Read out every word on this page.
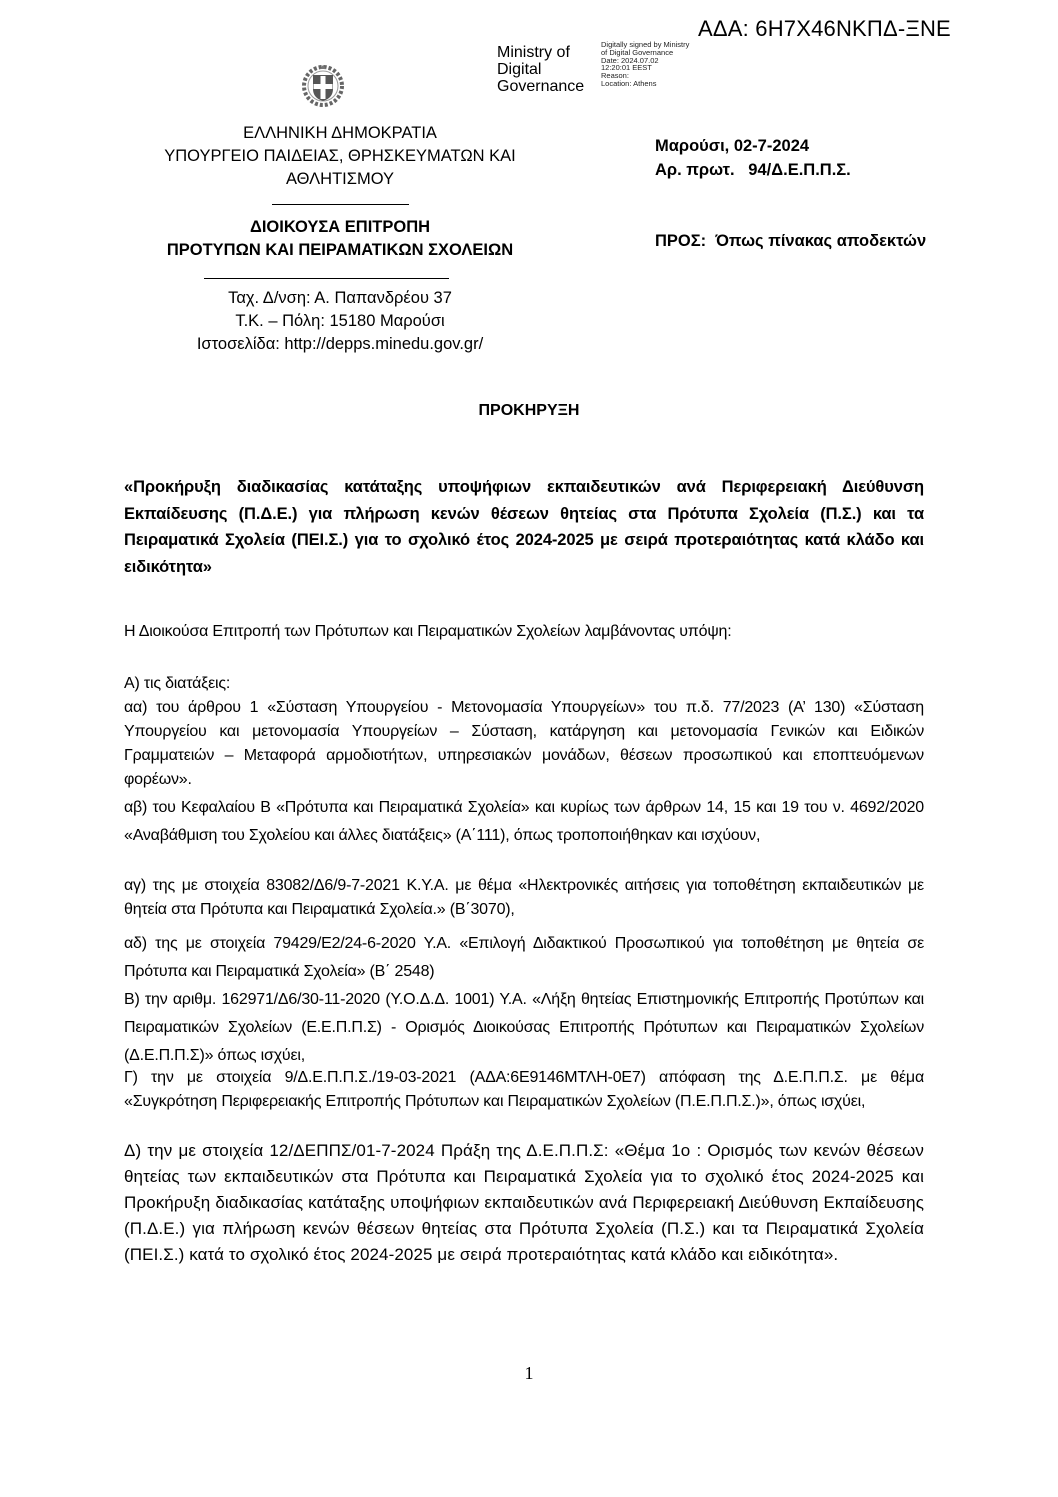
ΑΔΑ: 6Η7Χ46ΝΚΠΔ-ΞΝΕ
Ministry of
Digital
Governance
Digitally signed by Ministry
of Digital Governance
Date: 2024.07.02
12:20:01 EEST
Reason:
Location: Athens
ΕΛΛΗΝΙΚΗ ΔΗΜΟΚΡΑΤΙΑ
ΥΠΟΥΡΓΕΙΟ ΠΑΙΔΕΙΑΣ, ΘΡΗΣΚΕΥΜΑΤΩΝ ΚΑΙ
ΑΘΛΗΤΙΣΜΟΥ
ΔΙΟΙΚΟΥΣΑ ΕΠΙΤΡΟΠΗ
ΠΡΟΤΥΠΩΝ ΚΑΙ ΠΕΙΡΑΜΑΤΙΚΩΝ ΣΧΟΛΕΙΩΝ
Ταχ. Δ/νση: Α. Παπανδρέου 37
Τ.Κ. – Πόλη: 15180 Μαρούσι
Ιστοσελίδα: http://depps.minedu.gov.gr/
Μαρούσι, 02-7-2024
Αρ. πρωτ.   94/Δ.Ε.Π.Π.Σ.
ΠΡΟΣ:  Όπως πίνακας αποδεκτών
ΠΡΟΚΗΡΥΞΗ
«Προκήρυξη διαδικασίας κατάταξης υποψήφιων εκπαιδευτικών ανά Περιφερειακή Διεύθυνση Εκπαίδευσης (Π.Δ.Ε.) για πλήρωση κενών θέσεων θητείας στα Πρότυπα Σχολεία (Π.Σ.) και τα Πειραματικά Σχολεία (ΠΕΙ.Σ.) για το σχολικό έτος 2024-2025 με σειρά προτεραιότητας κατά κλάδο και ειδικότητα»
Η Διοικούσα Επιτροπή των Πρότυπων και Πειραματικών Σχολείων λαμβάνοντας υπόψη:

Α) τις διατάξεις:

αα) του άρθρου 1 «Σύσταση Υπουργείου - Μετονομασία Υπουργείων» του π.δ. 77/2023 (Α’ 130) «Σύσταση Υπουργείου και μετονομασία Υπουργείων – Σύσταση, κατάργηση και μετονομασία Γενικών και Ειδικών Γραμματειών – Μεταφορά αρμοδιοτήτων, υπηρεσιακών μονάδων, θέσεων προσωπικού και εποπτευόμενων φορέων».

αβ) του Κεφαλαίου Β «Πρότυπα και Πειραματικά Σχολεία» και κυρίως των άρθρων 14, 15 και 19 του ν. 4692/2020 «Αναβάθμιση του Σχολείου και άλλες διατάξεις» (Α΄111), όπως τροποποιήθηκαν και ισχύουν,

αγ) της με στοιχεία 83082/Δ6/9-7-2021 Κ.Υ.Α. με θέμα «Ηλεκτρονικές αιτήσεις για τοποθέτηση εκπαιδευτικών με θητεία στα Πρότυπα και Πειραματικά Σχολεία.» (Β΄3070),

αδ) της με στοιχεία 79429/Ε2/24-6-2020 Υ.Α. «Επιλογή Διδακτικού Προσωπικού για τοποθέτηση με θητεία σε Πρότυπα και Πειραματικά Σχολεία» (Β΄ 2548)

Β) την αριθμ. 162971/Δ6/30-11-2020 (Υ.Ο.Δ.Δ. 1001) Υ.Α. «Λήξη θητείας Επιστημονικής Επιτροπής Προτύπων και Πειραματικών Σχολείων (Ε.Ε.Π.Π.Σ) - Ορισμός Διοικούσας Επιτροπής Πρότυπων και Πειραματικών Σχολείων (Δ.Ε.Π.Π.Σ)» όπως ισχύει,

Γ) την με στοιχεία 9/Δ.Ε.Π.Π.Σ./19-03-2021 (ΑΔΑ:6Ε9146ΜΤΛΗ-0Ε7) απόφαση της Δ.Ε.Π.Π.Σ. με θέμα «Συγκρότηση Περιφερειακής Επιτροπής Πρότυπων και Πειραματικών Σχολείων (Π.Ε.Π.Π.Σ.)», όπως ισχύει,

Δ) την με στοιχεία 12/ΔΕΠΠΣ/01-7-2024 Πράξη της Δ.Ε.Π.Π.Σ: «Θέμα 1ο : Ορισμός των κενών θέσεων θητείας των εκπαιδευτικών στα Πρότυπα και Πειραματικά Σχολεία για το σχολικό έτος 2024-2025 και Προκήρυξη διαδικασίας κατάταξης υποψήφιων εκπαιδευτικών ανά Περιφερειακή Διεύθυνση Εκπαίδευσης (Π.Δ.Ε.) για πλήρωση κενών θέσεων θητείας στα Πρότυπα Σχολεία (Π.Σ.) και τα Πειραματικά Σχολεία (ΠΕΙ.Σ.) κατά το σχολικό έτος 2024-2025 με σειρά προτεραιότητας κατά κλάδο και ειδικότητα».

1
